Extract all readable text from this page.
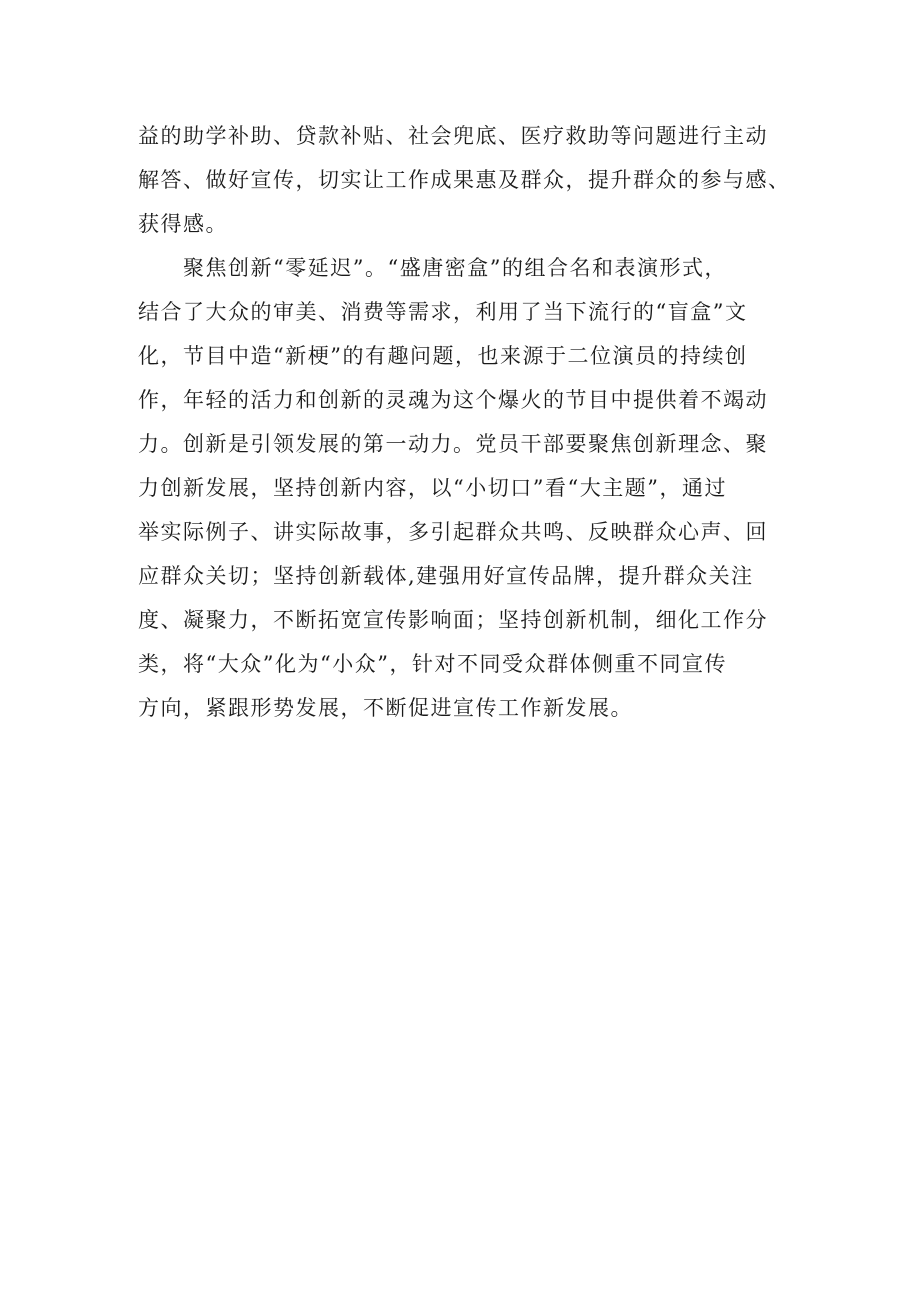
益的助学补助、贷款补贴、社会兜底、医疗救助等问题进行主动
解答、做好宣传，切实让工作成果惠及群众，提升群众的参与感、
获得感。
　　聚焦创新“零延迟”。“盛唐密盒”的组合名和表演形式，
结合了大众的审美、消费等需求，利用了当下流行的“盲盒”文
化，节目中造“新梗”的有趣问题，也来源于二位演员的持续创
作，年轻的活力和创新的灵魂为这个爆火的节目中提供着不竭动
力。创新是引领发展的第一动力。党员干部要聚焦创新理念、聚
力创新发展，坚持创新内容，以“小切口”看“大主题”，通过
举实际例子、讲实际故事，多引起群众共鸣、反映群众心声、回
应群众关切；坚持创新载体,建强用好宣传品牌，提升群众关注
度、凝聚力，不断拓宽宣传影响面；坚持创新机制，细化工作分
类，将“大众”化为“小众”，针对不同受众群体侧重不同宣传
方向，紧跟形势发展，不断促进宣传工作新发展。
